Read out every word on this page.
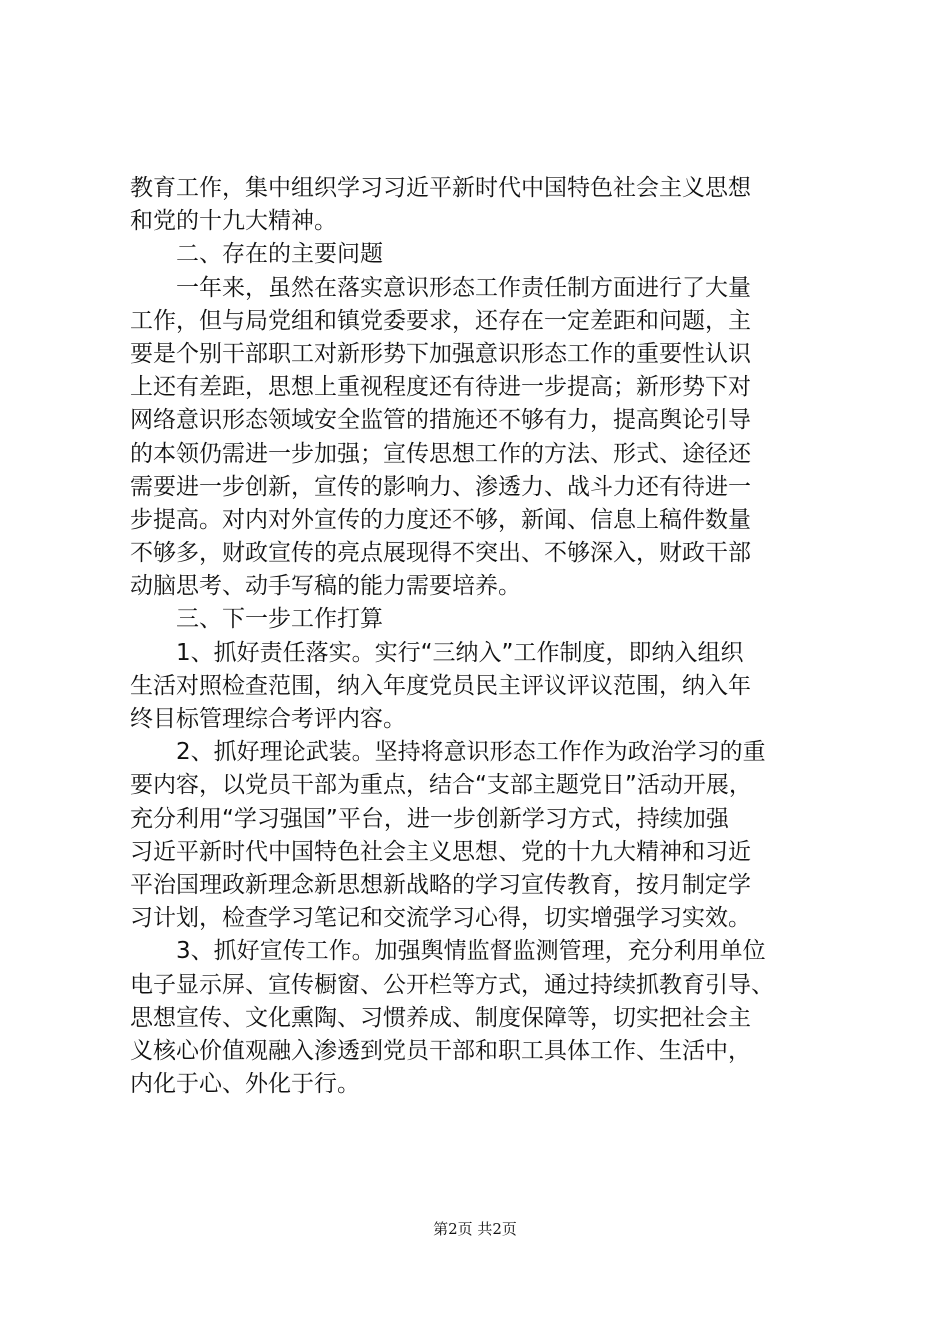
教育工作，集中组织学习习近平新时代中国特色社会主义思想
和党的十九大精神。
二、存在的主要问题
一年来，虽然在落实意识形态工作责任制方面进行了大量
工作，但与局党组和镇党委要求，还存在一定差距和问题，主
要是个别干部职工对新形势下加强意识形态工作的重要性认识
上还有差距，思想上重视程度还有待进一步提高；新形势下对
网络意识形态领域安全监管的措施还不够有力，提高舆论引导
的本领仍需进一步加强；宣传思想工作的方法、形式、途径还
需要进一步创新，宣传的影响力、渗透力、战斗力还有待进一
步提高。对内对外宣传的力度还不够，新闻、信息上稿件数量
不够多，财政宣传的亮点展现得不突出、不够深入，财政干部
动脑思考、动手写稿的能力需要培养。
三、下一步工作打算
1、抓好责任落实。实行“三纳入”工作制度，即纳入组织
生活对照检查范围，纳入年度党员民主评议评议范围，纳入年
终目标管理综合考评内容。
2、抓好理论武装。坚持将意识形态工作作为政治学习的重
要内容，以党员干部为重点，结合“支部主题党日”活动开展，
充分利用“学习强国”平台，进一步创新学习方式，持续加强
习近平新时代中国特色社会主义思想、党的十九大精神和习近
平治国理政新理念新思想新战略的学习宣传教育，按月制定学
习计划，检查学习笔记和交流学习心得，切实增强学习实效。
3、抓好宣传工作。加强舆情监督监测管理，充分利用单位
电子显示屏、宣传橱窗、公开栏等方式，通过持续抓教育引导、
思想宣传、文化熏陶、习惯养成、制度保障等，切实把社会主
义核心价值观融入渗透到党员干部和职工具体工作、生活中，
内化于心、外化于行。
第2页 共2页
